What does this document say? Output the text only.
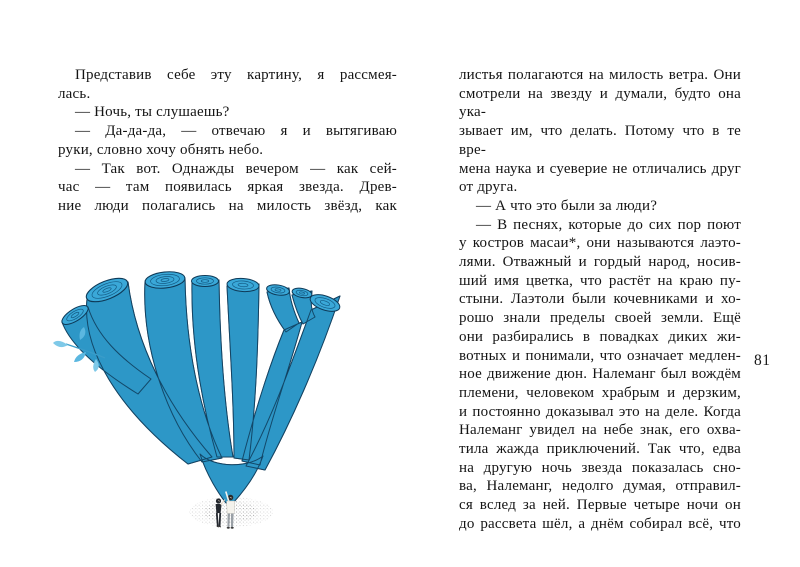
Представив себе эту картину, я рассмея-
лась.
— Ночь, ты слушаешь?
— Да-да-да, — отвечаю я и вытягиваю
руки, словно хочу обнять небо.
— Так вот. Однажды вечером — как сей-
час — там появилась яркая звезда. Древ-
ние люди полагались на милость звёзд, как
листья полагаются на милость ветра. Они
смотрели на звезду и думали, будто она ука-
зывает им, что делать. Потому что в те вре-
мена наука и суеверие не отличались друг
от друга.
— А что это были за люди?
— В песнях, которые до сих пор поют
у костров масаи*, они называются лаэто-
лями. Отважный и гордый народ, носив-
ший имя цветка, что растёт на краю пу-
стыни. Лаэтоли были кочевниками и хо-
рошо знали пределы своей земли. Ещё
они разбирались в повадках диких жи-
вотных и понимали, что означает медлен-
ное движение дюн. Налеманг был вождём
племени, человеком храбрым и дерзким,
и постоянно доказывал это на деле. Когда
Налеманг увидел на небе знак, его охва-
тила жажда приключений. Так что, едва
на другую ночь звезда показалась сно-
ва, Налеманг, недолго думая, отправил-
ся вслед за ней. Первые четыре ночи он
до рассвета шёл, а днём собирал всё, что
81
